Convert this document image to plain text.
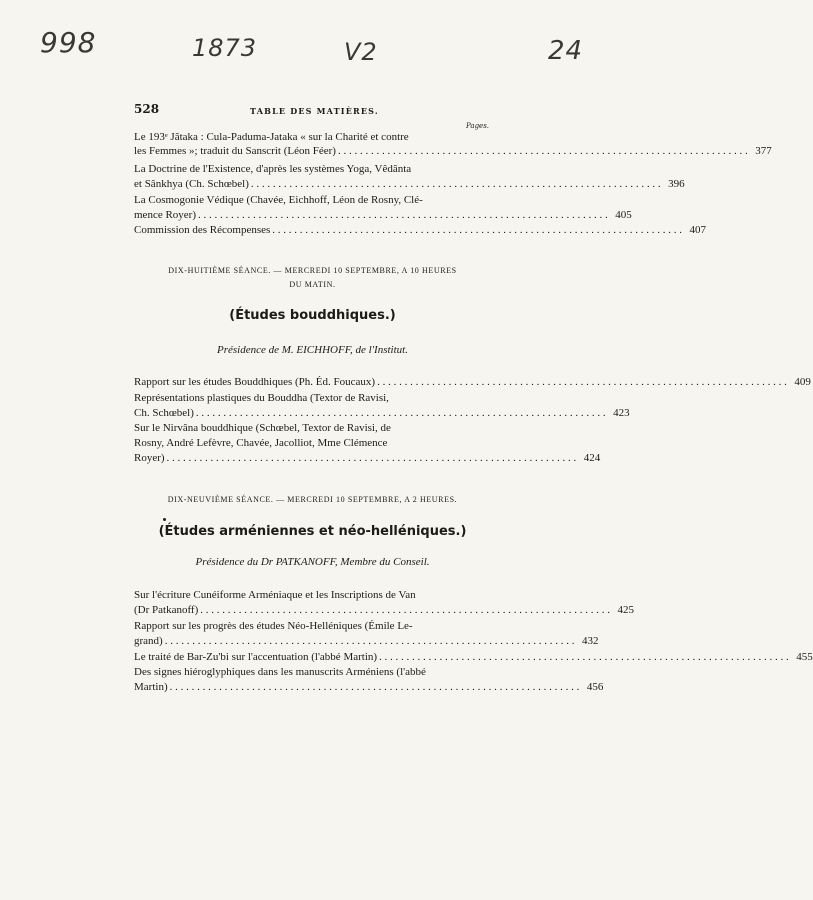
998	1873	V2	24
528	TABLE DES MATIÈRES.
Pages.
Le 193ᵉ Jâtaka : Cula-Paduma-Jataka « sur la Charité et contre
les Femmes »; traduit du Sanscrit (Léon Féer) . . .	377
La Doctrine de l'Existence, d'après les systèmes Yoga, Vêdânta
et Sânkhya (Ch. Schœbel) . . .	396
La Cosmogonie Védique (Chavée, Eichhoff, Léon de Rosny, Clé-
mence Royer) . . .	405
Commission des Récompenses . . .	407
DIX-HUITIÈME SÉANCE. — MERCREDI 10 SEPTEMBRE, A 10 HEURES
DU MATIN.
(Études bouddhiques.)
Présidence de M. EICHHOFF, de l'Institut.
Rapport sur les études Bouddhiques (Ph. Éd. Foucaux) . . .	409
Représentations plastiques du Bouddha (Textor de Ravisi,
Ch. Schœbel) . . .	423
Sur le Nirvâna bouddhique (Schœbel, Textor de Ravisi, de
Rosny, André Lefèvre, Chavée, Jacolliot, Mme Clémence
Royer) . . .	424
DIX-NEUVIÈME SÉANCE. — MERCREDI 10 SEPTEMBRE, A 2 HEURES.
(Études arméniennes et néo-helléniques.)
Présidence du Dr PATKANOFF, Membre du Conseil.
Sur l'écriture Cunéiforme Arméniaque et les Inscriptions de Van
(Dr Patkanoff) . . .	425
Rapport sur les progrès des études Néo-Helléniques (Émile Le-
grand) . . .	432
Le traité de Bar-Zu'bi sur l'accentuation (l'abbé Martin) . . .	455
Des signes hiéroglyphiques dans les manuscrits Arméniens (l'abbé
Martin) . . .	456
